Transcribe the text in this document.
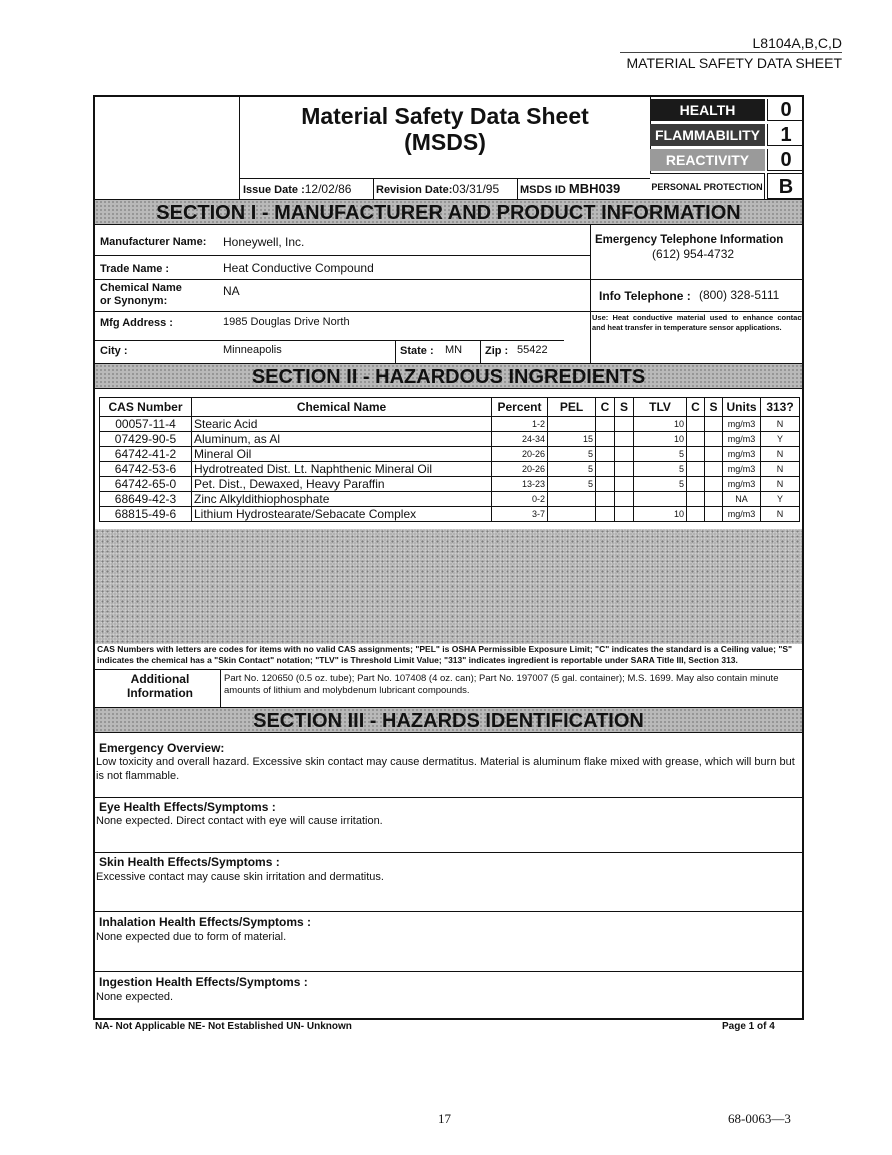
L8104A,B,C,D
MATERIAL SAFETY DATA SHEET
Material Safety Data Sheet
(MSDS)
Issue Date :12/02/86	Revision Date:03/31/95	MSDS ID MBH039
HEALTH	0
FLAMMABILITY	1
REACTIVITY	0
PERSONAL PROTECTION B
SECTION I - MANUFACTURER AND PRODUCT INFORMATION
Manufacturer Name: Honeywell, Inc.	Emergency Telephone Information
(612) 954-4732
Trade Name :	Heat Conductive Compound
Chemical Name
or Synonym:
NA	Info Telephone : (800) 328-5111
Mfg Address :	1985 Douglas Drive North	Use: Heat conductive material used to enhance contact and heat transfer in temperature sensor applications.
City :	Minneapolis	State : MN Zip : 55422
SECTION II - HAZARDOUS INGREDIENTS
CAS Number	Chemical Name	Percent	PEL	C	S	TLV	C	S	Units	313?
00057-11-4	Stearic Acid	1-2				10			mg/m3	N
07429-90-5	Aluminum, as Al	24-34	15			10			mg/m3	Y
64742-41-2	Mineral Oil	20-26	5			5			mg/m3	N
64742-53-6	Hydrotreated Dist. Lt. Naphthenic Mineral Oil	20-26	5			5			mg/m3	N
64742-65-0	Pet. Dist., Dewaxed, Heavy Paraffin	13-23	5			5			mg/m3	N
68649-42-3	Zinc Alkyldithiophosphate	0-2							NA	Y
68815-49-6	Lithium Hydrostearate/Sebacate Complex	3-7				10			mg/m3	N
CAS Numbers with letters are codes for items with no valid CAS assignments; "PEL" is OSHA Permissible Exposure Limit; "C" indicates the standard is a Ceiling value; "S" indicates the chemical has a "Skin Contact" notation; "TLV" is Threshold Limit Value; "313" indicates ingredient is reportable under SARA Title III, Section 313.
Additional
Information
Part No. 120650 (0.5 oz. tube); Part No. 107408 (4 oz. can); Part No. 197007 (5 gal. container); M.S. 1699. May also contain minute amounts of lithium and molybdenum lubricant compounds.
SECTION III - HAZARDS IDENTIFICATION
Emergency Overview:
Low toxicity and overall hazard. Excessive skin contact may cause dermatitus. Material is aluminum flake mixed with grease, which will burn but is not flammable.
Eye Health Effects/Symptoms :
None expected. Direct contact with eye will cause irritation.
Skin Health Effects/Symptoms :
Excessive contact may cause skin irritation and dermatitus.
Inhalation Health Effects/Symptoms :
None expected due to form of material.
Ingestion Health Effects/Symptoms :
None expected.
NA- Not Applicable NE- Not Established UN- Unknown	Page 1 of 4
17	68-0063—3
